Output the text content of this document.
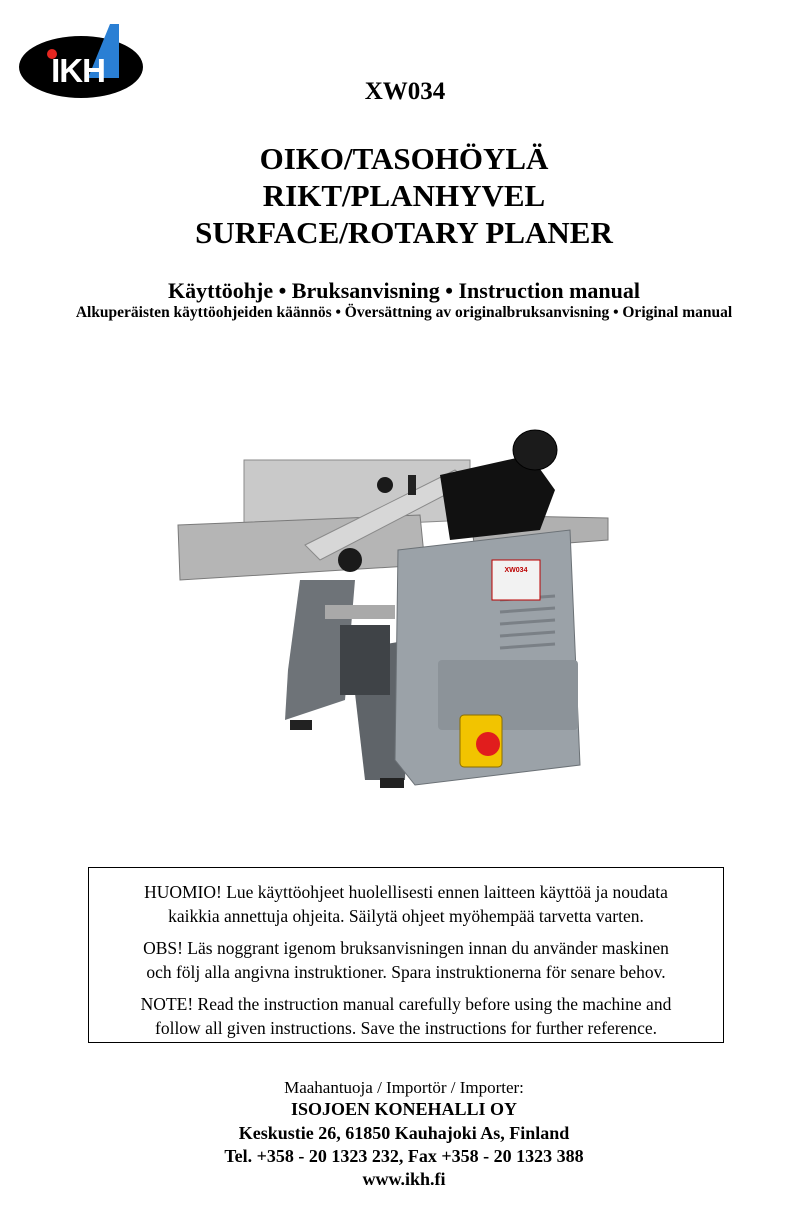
IKH
XW034
OIKO/TASOHÖYLÄ
RIKT/PLANHYVEL
SURFACE/ROTARY PLANER
Käyttöohje • Bruksanvisning • Instruction manual
Alkuperäisten käyttöohjeiden käännös • Översättning av originalbruksanvisning • Original manual
XW034

HUOMIO! Lue käyttöohjeet huolellisesti ennen laitteen käyttöä ja noudata
kaikkia annettuja ohjeita. Säilytä ohjeet myöhempää tarvetta varten.

OBS! Läs noggrant igenom bruksanvisningen innan du använder maskinen
och följ alla angivna instruktioner. Spara instruktionerna för senare behov.

NOTE! Read the instruction manual carefully before using the machine and
follow all given instructions. Save the instructions for further reference.

Maahantuoja / Importör / Importer:
ISOJOEN KONEHALLI OY
Keskustie 26, 61850 Kauhajoki As, Finland
Tel. +358 - 20 1323 232, Fax +358 - 20 1323 388
www.ikh.fi
